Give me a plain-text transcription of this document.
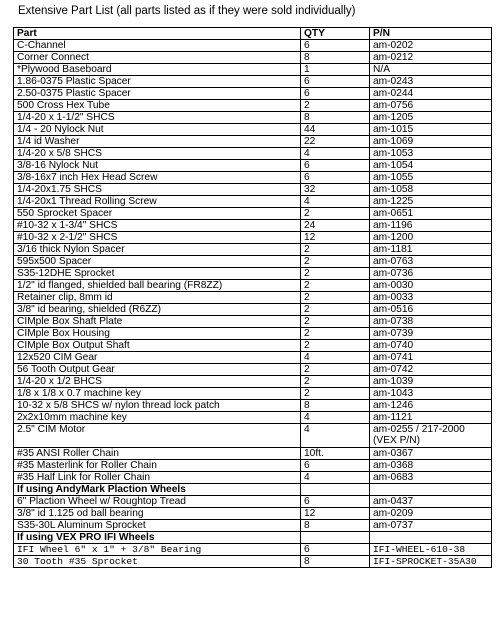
Extensive Part List (all parts listed as if they were sold individually)
Part	QTY	P/N
C-Channel	6	am-0202
Corner Connect	8	am-0212
*Plywood Baseboard	1	N/A
1.86-0375 Plastic Spacer	6	am-0243
2.50-0375 Plastic Spacer	6	am-0244
500 Cross Hex Tube	2	am-0756
1/4-20 x 1-1/2" SHCS	8	am-1205
1/4 - 20 Nylock Nut	44	am-1015
1/4 id Washer	22	am-1069
1/4-20 x 5/8 SHCS	4	am-1053
3/8-16 Nylock Nut	6	am-1054
3/8-16x7 inch Hex Head Screw	6	am-1055
1/4-20x1.75 SHCS	32	am-1058
1/4-20x1 Thread Rolling Screw	4	am-1225
550 Sprocket Spacer	2	am-0651
#10-32 x 1-3/4" SHCS	24	am-1196
#10-32 x 2-1/2" SHCS	12	am-1200
3/16 thick Nylon Spacer	2	am-1181
595x500 Spacer	2	am-0763
S35-12DHE Sprocket	2	am-0736
1/2" id flanged, shielded ball bearing (FR8ZZ)	2	am-0030
Retainer clip, 8mm id	2	am-0033
3/8" id bearing, shielded (R6ZZ)	2	am-0516
CIMple Box Shaft Plate	2	am-0738
CIMple Box Housing	2	am-0739
CIMple Box Output Shaft	2	am-0740
12x520 CIM Gear	4	am-0741
56 Tooth Output Gear	2	am-0742
1/4-20 x 1/2 BHCS	2	am-1039
1/8 x 1/8 x 0.7 machine key	2	am-1043
10-32 x 5/8 SHCS w/ nylon thread lock patch	8	am-1246
2x2x10mm machine key	4	am-1121
2.5" CIM Motor	4	am-0255 / 217-2000 (VEX P/N)
#35 ANSI Roller Chain	10ft.	am-0367
#35 Masterlink for Roller Chain	6	am-0368
#35 Half Link for Roller Chain	4	am-0683
If using AndyMark Plaction Wheels		
6" Plaction Wheel w/ Roughtop Tread	6	am-0437
3/8" id 1.125 od ball bearing	12	am-0209
S35-30L Aluminum Sprocket	8	am-0737
If using VEX PRO IFI Wheels		
IFI Wheel 6" x 1" + 3/8" Bearing	6	IFI-WHEEL-610-38
30 Tooth #35 Sprocket	8	IFI-SPROCKET-35A30
